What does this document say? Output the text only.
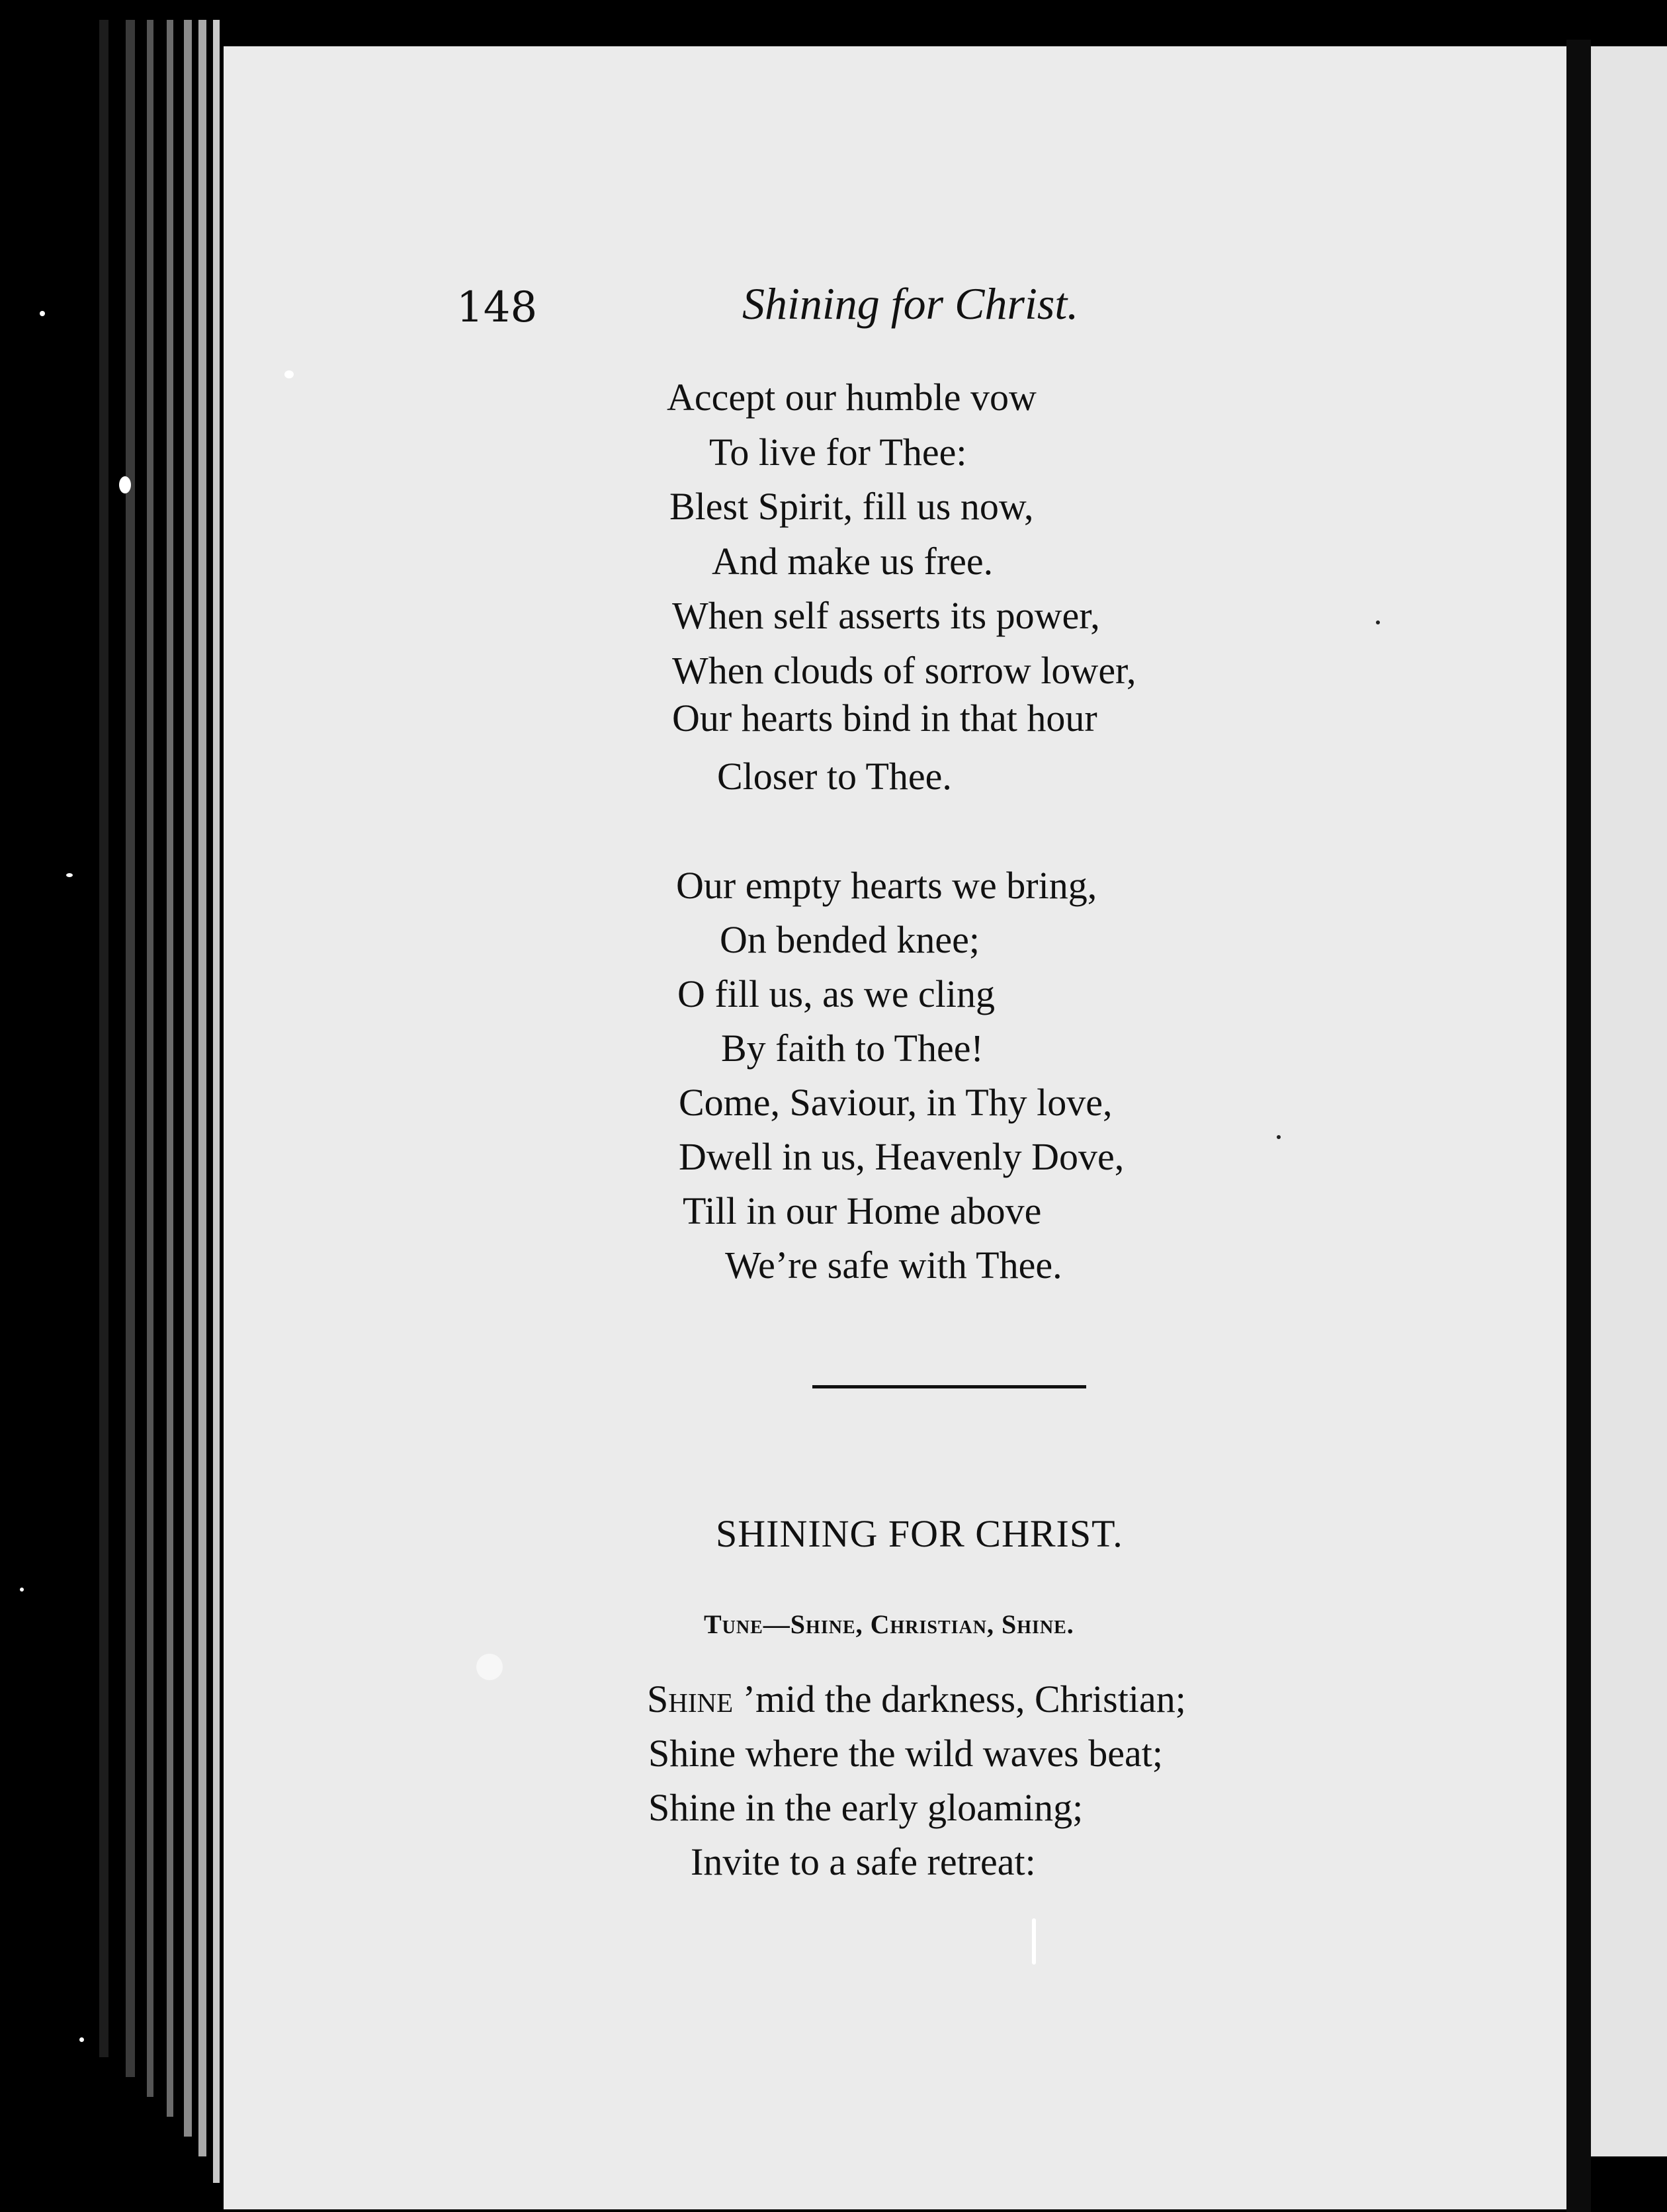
148	Shining for Christ.
Accept our humble vow
To live for Thee:
Blest Spirit, fill us now,
And make us free.
When self asserts its power,
When clouds of sorrow lower,
Our hearts bind in that hour
Closer to Thee.
Our empty hearts we bring,
On bended knee;
O fill us, as we cling
By faith to Thee!
Come, Saviour, in Thy love,
Dwell in us, Heavenly Dove,
Till in our Home above
We’re safe with Thee.
SHINING FOR CHRIST.
Tune—Shine, Christian, Shine.
Shine ’mid the darkness, Christian;
Shine where the wild waves beat;
Shine in the early gloaming;
Invite to a safe retreat:
